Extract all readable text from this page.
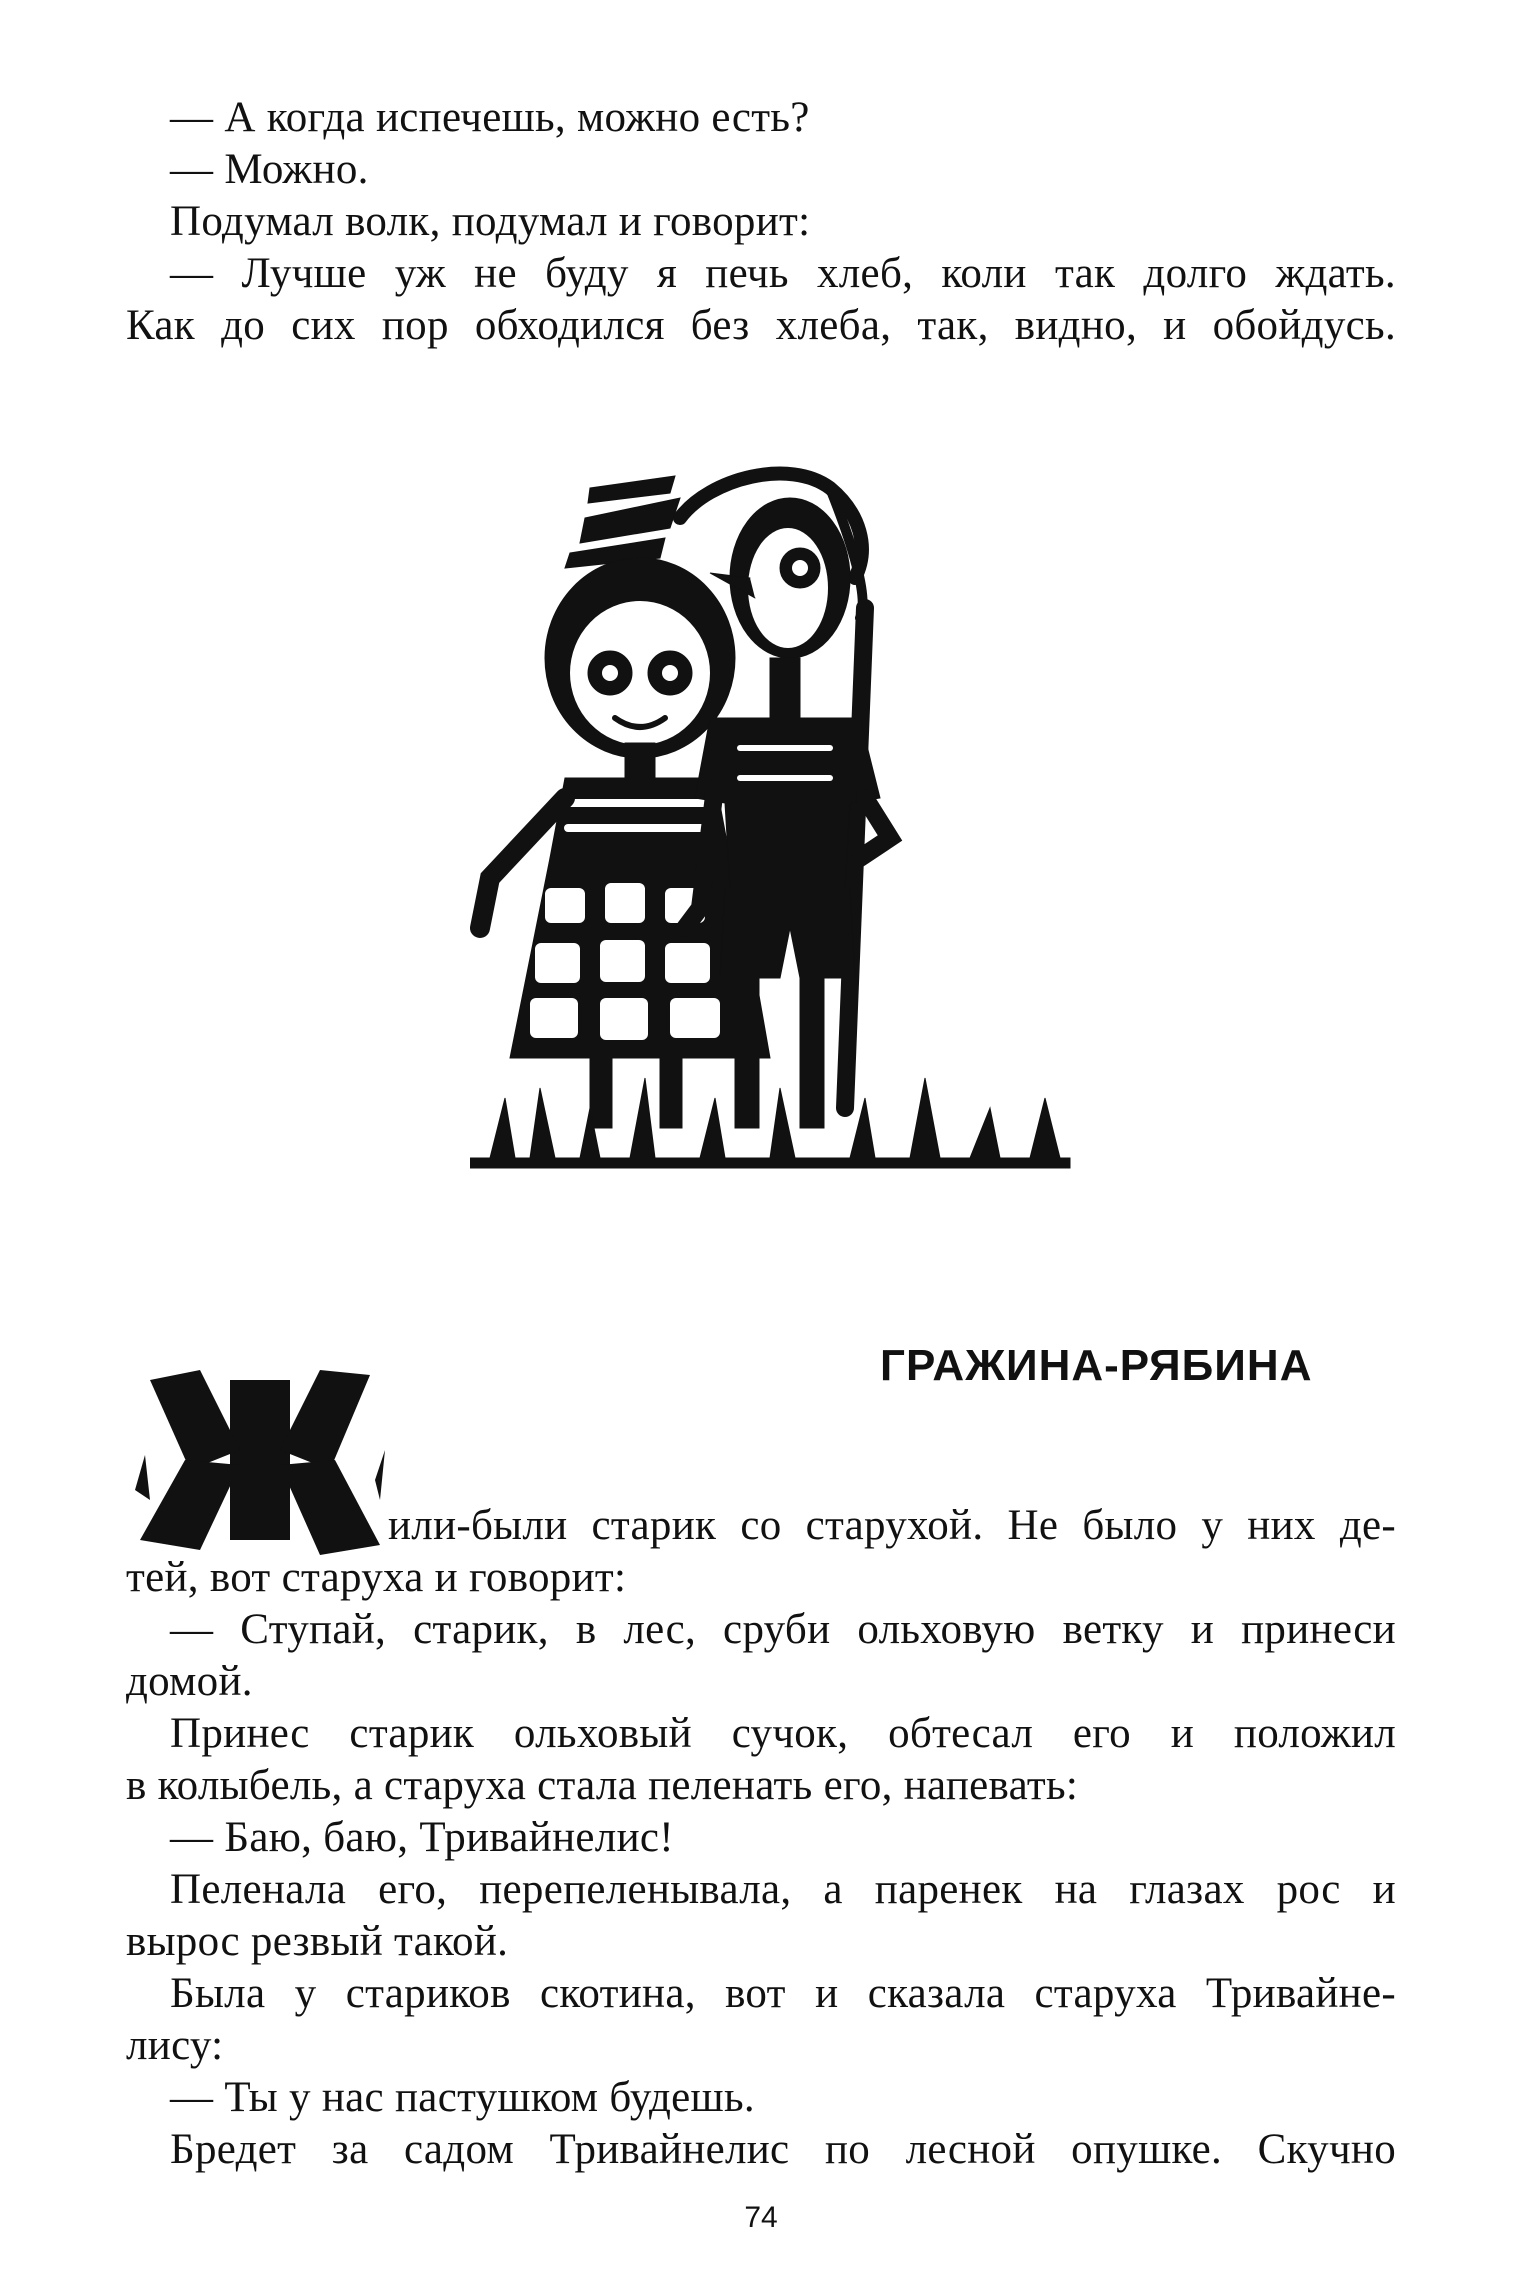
— А когда испечешь, можно есть?
— Можно.
Подумал волк, подумал и говорит:
— Лучше уж не буду я печь хлеб, коли так долго ждать.
Как до сих пор обходился без хлеба, так, видно, и обойдусь.
ГРАЖИНА-РЯБИНА
или-были старик со старухой. Не было у них де-
тей, вот старуха и говорит:
— Ступай, старик, в лес, сруби ольховую ветку и принеси
домой.
Принес старик ольховый сучок, обтесал его и положил
в колыбель, а старуха стала пеленать его, напевать:
— Баю, баю, Тривайнелис!
Пеленала его, перепеленывала, а паренек на глазах рос и
вырос резвый такой.
Была у стариков скотина, вот и сказала старуха Тривайне-
лису:
— Ты у нас пастушком будешь.
Бредет за садом Тривайнелис по лесной опушке. Скучно
74
